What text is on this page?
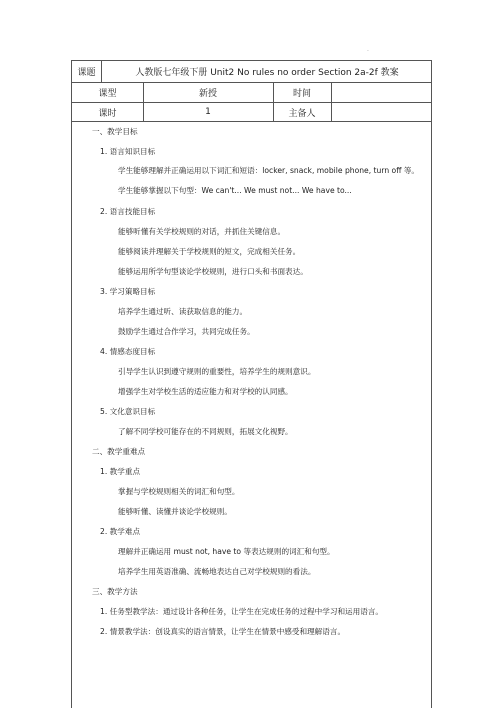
.
课题	人教版七年级下册 Unit2 No rules no order Section 2a-2f 教案
课型	新授	时间
课时	1	主备人
一、教学目标
1. 语言知识目标
学生能够理解并正确运用以下词汇和短语：locker, snack, mobile phone, turn off 等。
学生能够掌握以下句型：We can't... We must not... We have to...
2. 语言技能目标
能够听懂有关学校规则的对话，并抓住关键信息。
能够阅读并理解关于学校规则的短文，完成相关任务。
能够运用所学句型谈论学校规则，进行口头和书面表达。
3. 学习策略目标
培养学生通过听、读获取信息的能力。
鼓励学生通过合作学习，共同完成任务。
4. 情感态度目标
引导学生认识到遵守规则的重要性，培养学生的规则意识。
增强学生对学校生活的适应能力和对学校的认同感。
5. 文化意识目标
了解不同学校可能存在的不同规则，拓展文化视野。
二、教学重难点
1. 教学重点
掌握与学校规则相关的词汇和句型。
能够听懂、读懂并谈论学校规则。
2. 教学难点
理解并正确运用 must not, have to 等表达规则的词汇和句型。
培养学生用英语准确、流畅地表达自己对学校规则的看法。
三、教学方法
1. 任务型教学法：通过设计各种任务，让学生在完成任务的过程中学习和运用语言。
2. 情景教学法：创设真实的语言情景，让学生在情景中感受和理解语言。
